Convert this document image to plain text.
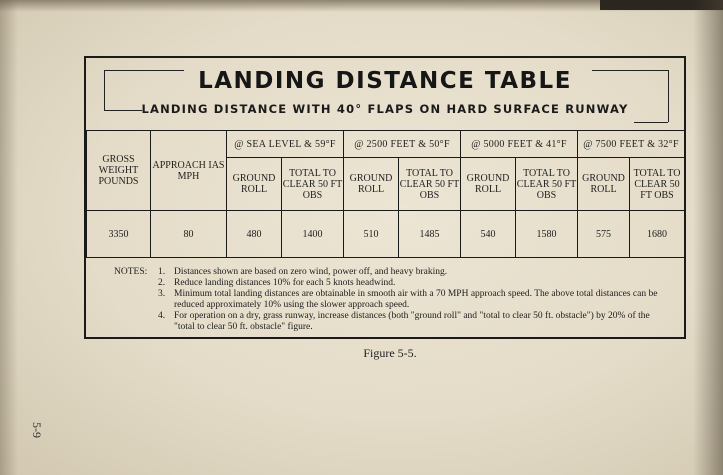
LANDING DISTANCE TABLE
LANDING DISTANCE WITH 40° FLAPS ON HARD SURFACE RUNWAY
GROSS WEIGHT POUNDS	APPROACH IAS MPH	@ SEA LEVEL & 59°F		@ 2500 FEET & 50°F		@ 5000 FEET & 41°F		@ 7500 FEET & 32°F	
		GROUND ROLL	TOTAL TO CLEAR 50 FT OBS	GROUND ROLL	TOTAL TO CLEAR 50 FT OBS	GROUND ROLL	TOTAL TO CLEAR 50 FT OBS	GROUND ROLL	TOTAL TO CLEAR 50 FT OBS
3350	80	480	1400	510	1485	540	1580	575	1680
NOTES: 1. Distances shown are based on zero wind, power off, and heavy braking.
2. Reduce landing distances 10% for each 5 knots headwind.
3. Minimum total landing distances are obtainable in smooth air with a 70 MPH approach speed. The above total distances can be reduced approximately 10% using the slower approach speed.
4. For operation on a dry, grass runway, increase distances (both "ground roll" and "total to clear 50 ft. obstacle") by 20% of the "total to clear 50 ft. obstacle" figure.
Figure 5-5.
5-9
